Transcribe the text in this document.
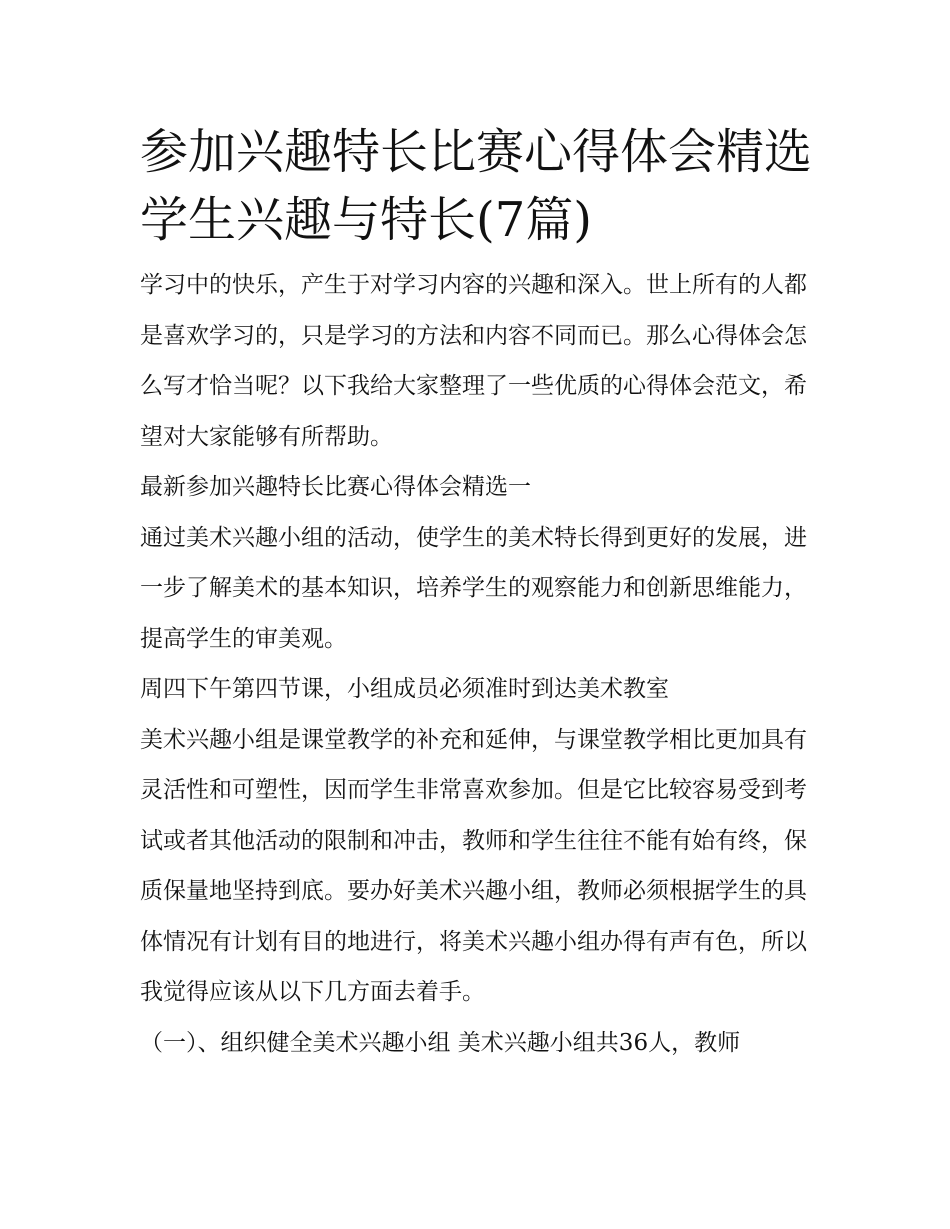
参加兴趣特长比赛心得体会精选 学生兴趣与特长(7篇)

学习中的快乐，产生于对学习内容的兴趣和深入。世上所有的人都是喜欢学习的，只是学习的方法和内容不同而已。那么心得体会怎么写才恰当呢？以下我给大家整理了一些优质的心得体会范文，希望对大家能够有所帮助。

最新参加兴趣特长比赛心得体会精选一

通过美术兴趣小组的活动，使学生的美术特长得到更好的发展，进一步了解美术的基本知识，培养学生的观察能力和创新思维能力，提高学生的审美观。

周四下午第四节课，小组成员必须准时到达美术教室

美术兴趣小组是课堂教学的补充和延伸，与课堂教学相比更加具有灵活性和可塑性，因而学生非常喜欢参加。但是它比较容易受到考试或者其他活动的限制和冲击，教师和学生往往不能有始有终，保质保量地坚持到底。要办好美术兴趣小组，教师必须根据学生的具体情况有计划有目的地进行，将美术兴趣小组办得有声有色，所以我觉得应该从以下几方面去着手。

（一）、组织健全美术兴趣小组 美术兴趣小组共36人，教师
